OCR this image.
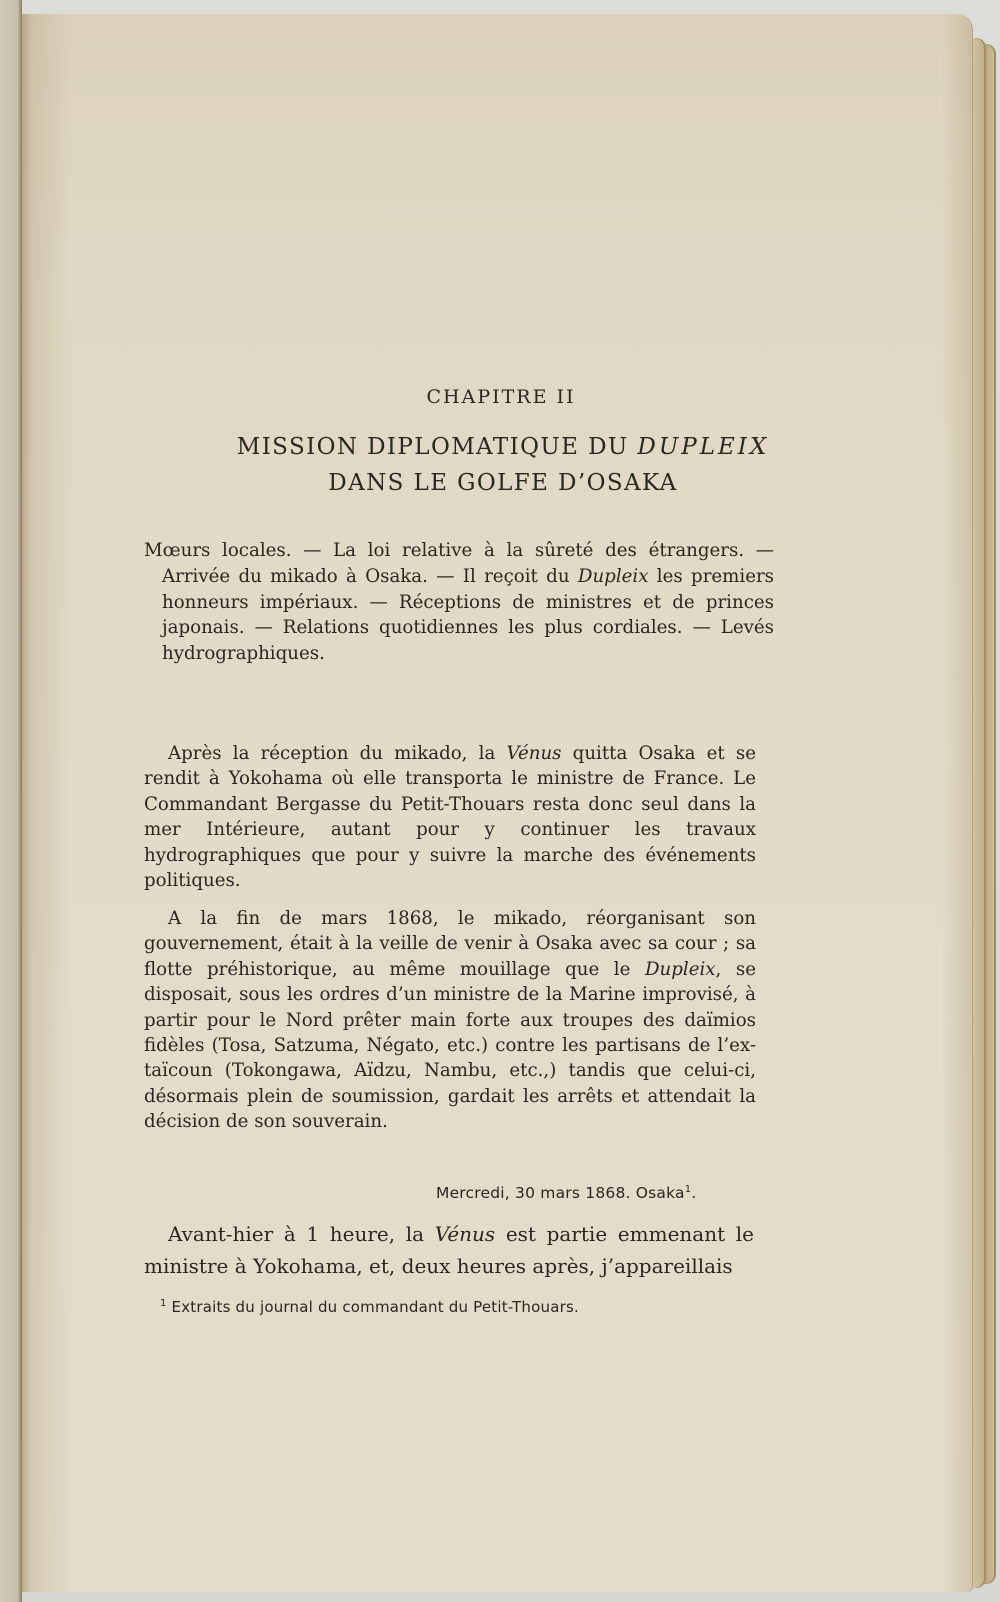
CHAPITRE II
MISSION DIPLOMATIQUE DU DUPLEIX
DANS LE GOLFE D’OSAKA
Mœurs locales. — La loi relative à la sûreté des étrangers. — Arrivée du mikado à Osaka. — Il reçoit du Dupleix les premiers honneurs impériaux. — Réceptions de ministres et de princes japonais. — Relations quotidiennes les plus cordiales. — Levés hydrographiques.
Après la réception du mikado, la Vénus quitta Osaka et se rendit à Yokohama où elle transporta le ministre de France. Le Commandant Bergasse du Petit-Thouars resta donc seul dans la mer Intérieure, autant pour y continuer les travaux hydrographiques que pour y suivre la marche des événements politiques.
A la fin de mars 1868, le mikado, réorganisant son gouvernement, était à la veille de venir à Osaka avec sa cour ; sa flotte préhistorique, au même mouillage que le Dupleix, se disposait, sous les ordres d’un ministre de la Marine improvisé, à partir pour le Nord prêter main forte aux troupes des daïmios fidèles (Tosa, Satzuma, Négato, etc.) contre les partisans de l’ex-taïcoun (Tokongawa, Aïdzu, Nambu, etc.,) tandis que celui-ci, désormais plein de soumission, gardait les arrêts et attendait la décision de son souverain.
Mercredi, 30 mars 1868. Osaka$^1$.
Avant-hier à 1 heure, la Vénus est partie emmenant le ministre à Yokohama, et, deux heures après, j’appareillais
$^1$ Extraits du journal du commandant du Petit-Thouars.
